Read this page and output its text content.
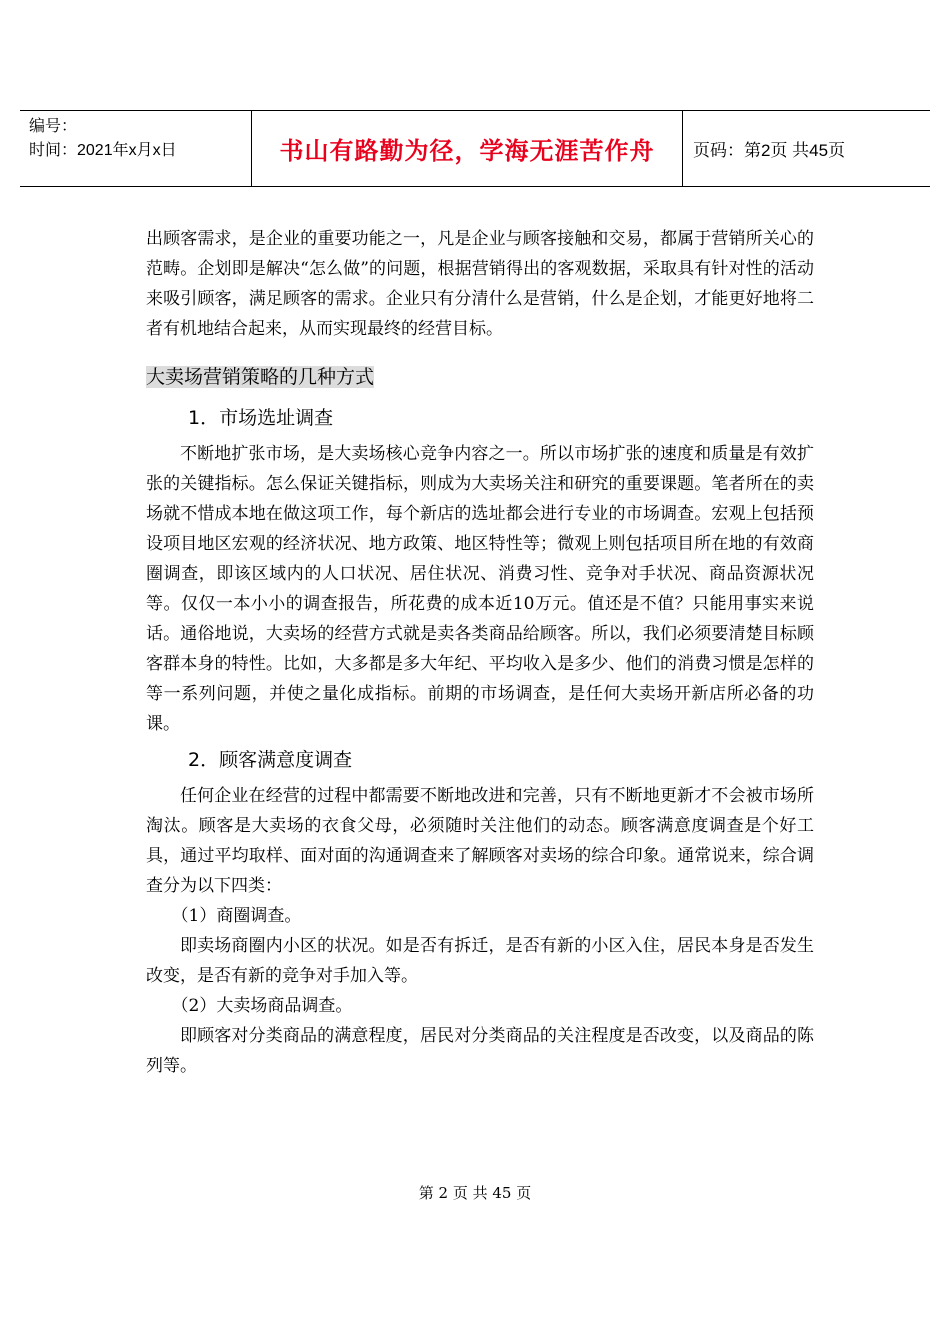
编号：
时间：2021年x月x日	书山有路勤为径，学海无涯苦作舟 页码：第2页 共45页

出顾客需求，是企业的重要功能之一，凡是企业与顾客接触和交易，都属于营销所关心的范畴。企划即是解决“怎么做”的问题，根据营销得出的客观数据，采取具有针对性的活动来吸引顾客，满足顾客的需求。企业只有分清什么是营销，什么是企划，才能更好地将二者有机地结合起来，从而实现最终的经营目标。

大卖场营销策略的几种方式
1．市场选址调查

不断地扩张市场，是大卖场核心竞争内容之一。所以市场扩张的速度和质量是有效扩张的关键指标。怎么保证关键指标，则成为大卖场关注和研究的重要课题。笔者所在的卖场就不惜成本地在做这项工作，每个新店的选址都会进行专业的市场调查。宏观上包括预设项目地区宏观的经济状况、地方政策、地区特性等；微观上则包括项目所在地的有效商圈调查，即该区域内的人口状况、居住状况、消费习性、竞争对手状况、商品资源状况等。仅仅一本小小的调查报告，所花费的成本近10万元。值还是不值？只能用事实来说话。通俗地说，大卖场的经营方式就是卖各类商品给顾客。所以，我们必须要清楚目标顾客群本身的特性。比如，大多都是多大年纪、平均收入是多少、他们的消费习惯是怎样的等一系列问题，并使之量化成指标。前期的市场调查，是任何大卖场开新店所必备的功课。

2．顾客满意度调查

任何企业在经营的过程中都需要不断地改进和完善，只有不断地更新才不会被市场所淘汰。顾客是大卖场的衣食父母，必须随时关注他们的动态。顾客满意度调查是个好工具，通过平均取样、面对面的沟通调查来了解顾客对卖场的综合印象。通常说来，综合调查分为以下四类：

（1）商圈调查。

即卖场商圈内小区的状况。如是否有拆迁，是否有新的小区入住，居民本身是否发生改变，是否有新的竞争对手加入等。

（2）大卖场商品调查。

即顾客对分类商品的满意程度，居民对分类商品的关注程度是否改变，以及商品的陈列等。

第 2 页 共 45 页
